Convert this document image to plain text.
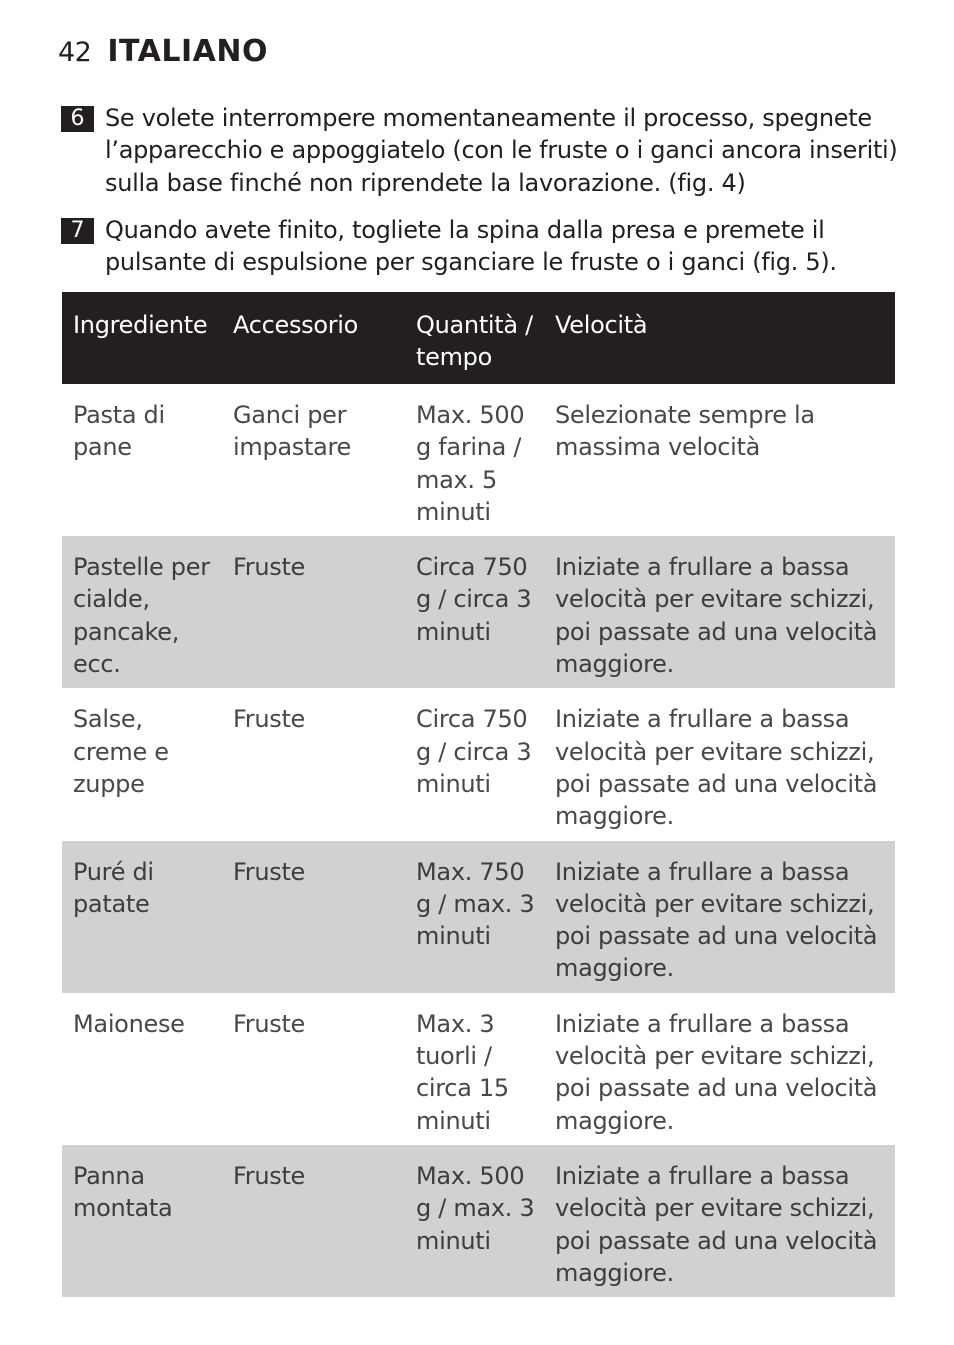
42 ITALIANO
6 Se volete interrompere momentaneamente il processo, spegnete l’apparecchio e appoggiatelo (con le fruste o i ganci ancora inseriti) sulla base finché non riprendete la lavorazione. (fig. 4)
7 Quando avete finito, togliete la spina dalla presa e premete il pulsante di espulsione per sganciare le fruste o i ganci (fig. 5).
Ingrediente	Accessorio	Quantità / tempo	Velocità
Pasta di pane	Ganci per impastare	Max. 500 g farina / max. 5 minuti	Selezionate sempre la massima velocità
Pastelle per cialde, pancake, ecc.	Fruste	Circa 750 g / circa 3 minuti	Iniziate a frullare a bassa velocità per evitare schizzi, poi passate ad una velocità maggiore.
Salse, creme e zuppe	Fruste	Circa 750 g / circa 3 minuti	Iniziate a frullare a bassa velocità per evitare schizzi, poi passate ad una velocità maggiore.
Puré di patate	Fruste	Max. 750 g / max. 3 minuti	Iniziate a frullare a bassa velocità per evitare schizzi, poi passate ad una velocità maggiore.
Maionese	Fruste	Max. 3 tuorli / circa 15 minuti	Iniziate a frullare a bassa velocità per evitare schizzi, poi passate ad una velocità maggiore.
Panna montata	Fruste	Max. 500 g / max. 3 minuti	Iniziate a frullare a bassa velocità per evitare schizzi, poi passate ad una velocità maggiore.
